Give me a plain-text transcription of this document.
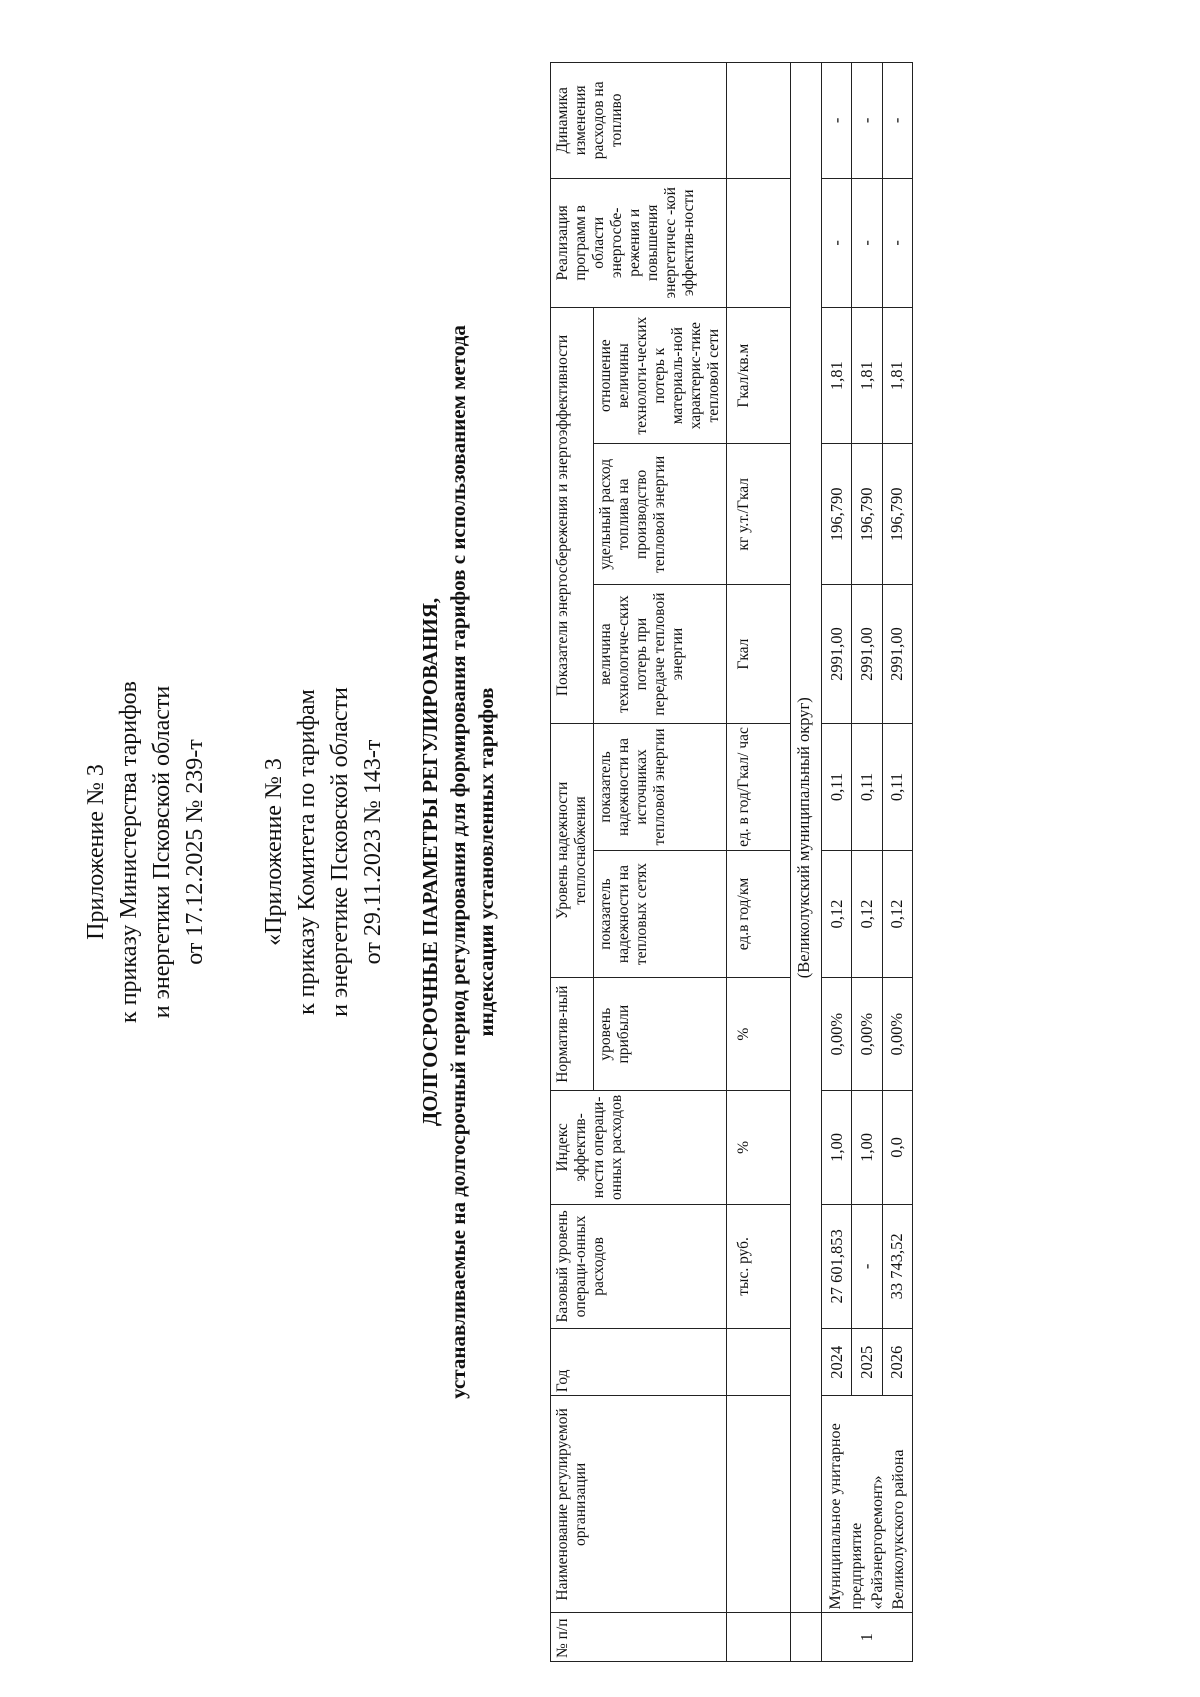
Приложение № 3 к приказу Министерства тарифов и энергетики Псковской области от 17.12.2025 № 239-т «Приложение № 3 к приказу Комитета по тарифам и энергетике Псковской области от 29.11.2023 № 143-т ДОЛГОСРОЧНЫЕ ПАРАМЕТРЫ РЕГУЛИРОВАНИЯ, устанавливаемые на долгосрочный период регулирования для формирования тарифов с использованием метода индексации установленных тарифов
№ п/п	Наименование регулируемой организации	Год	Базовый уровень операци-онных расходов	Индекс эффектив-ности операци-онных расходов	Норматив-ный	Уровень надежности теплоснабжения		Показатели энергосбережения и энергоэффективности			Реализация программ в области энергосбе-режения и повышения энергетичес -кой эффектив-ности	Динамика изменения расходов на топливо
					уровень прибыли	показатель надежности на тепловых сетях	показатель надежности на источниках тепловой энергии	величина технологиче-ских потерь при передаче тепловой энергии	удельный расход топлива на производство тепловой энергии	отношение величины технологи-ческих потерь к материаль-ной характерис-тике тепловой сети		
			тыс. руб.	%	%	ед.в год/км	ед. в год/Гкал/ час	Гкал	кг у.т./Гкал	Гкал/кв.м		
	(Великолукский муниципальный округ)											
1	Муниципальное унитарное предприятие «Райэнергоремонт» Великолукского района	2024	27 601,853	1,00	0,00%	0,12	0,11	2991,00	196,790	1,81	-	-
		2025	-	1,00	0,00%	0,12	0,11	2991,00	196,790	1,81	-	-
		2026	33 743,52	0,0	0,00%	0,12	0,11	2991,00	196,790	1,81	-	-
